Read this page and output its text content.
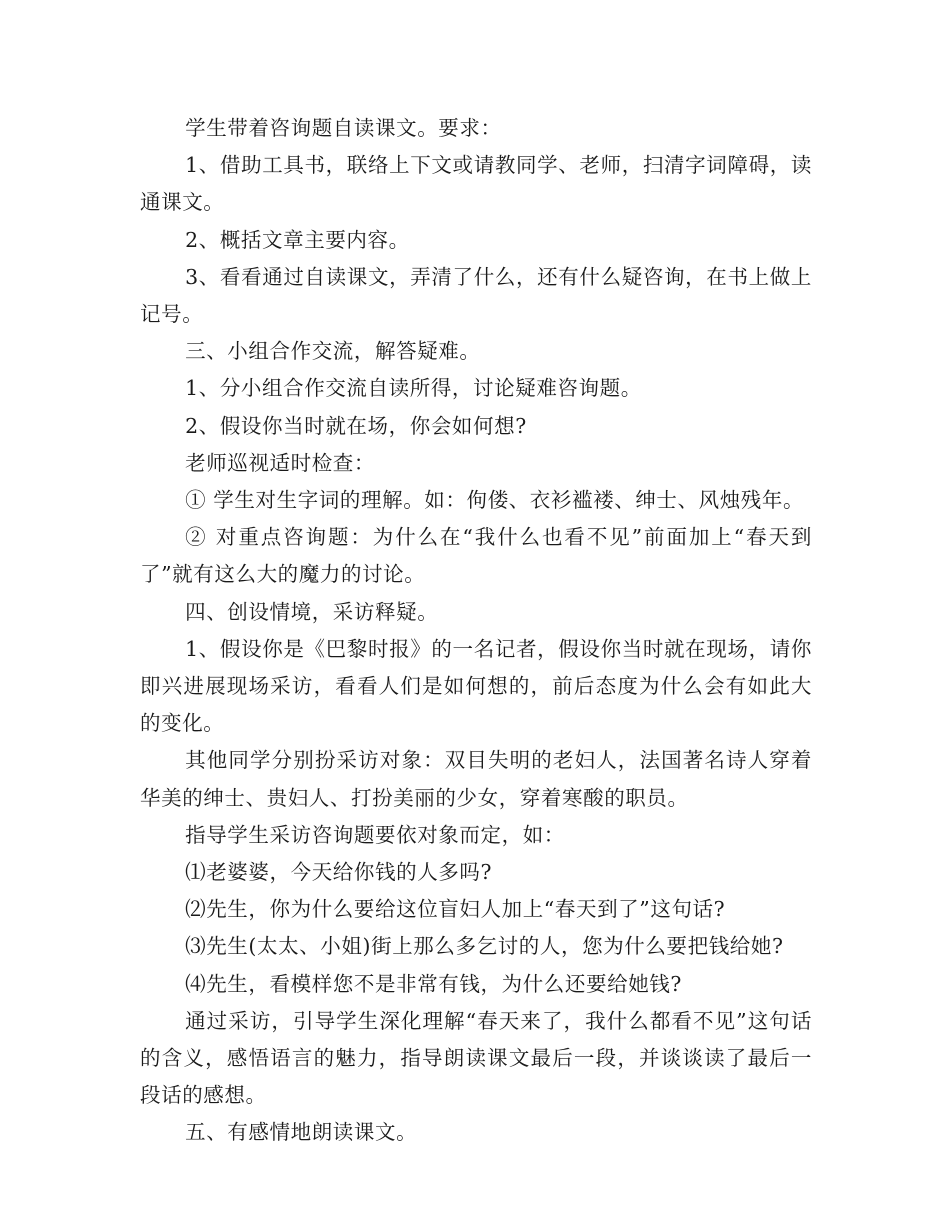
学生带着咨询题自读课文。要求：

1、借助工具书，联络上下文或请教同学、老师，扫清字词障碍，读通课文。

2、概括文章主要内容。

3、看看通过自读课文，弄清了什么，还有什么疑咨询，在书上做上记号。

三、小组合作交流，解答疑难。

1、分小组合作交流自读所得，讨论疑难咨询题。

2、假设你当时就在场，你会如何想?

老师巡视适时检查：

① 学生对生字词的理解。如：佝偻、衣衫褴褛、绅士、风烛残年。

② 对重点咨询题：为什么在“我什么也看不见”前面加上“春天到了”就有这么大的魔力的讨论。

四、创设情境，采访释疑。

1、假设你是《巴黎时报》的一名记者，假设你当时就在现场，请你即兴进展现场采访，看看人们是如何想的，前后态度为什么会有如此大的变化。

其他同学分别扮采访对象：双目失明的老妇人，法国著名诗人穿着华美的绅士、贵妇人、打扮美丽的少女，穿着寒酸的职员。

指导学生采访咨询题要依对象而定，如：

⑴老婆婆，今天给你钱的人多吗?

⑵先生，你为什么要给这位盲妇人加上“春天到了”这句话?

⑶先生(太太、小姐)街上那么多乞讨的人，您为什么要把钱给她?

⑷先生，看模样您不是非常有钱，为什么还要给她钱?

通过采访，引导学生深化理解“春天来了，我什么都看不见”这句话的含义，感悟语言的魅力，指导朗读课文最后一段，并谈谈读了最后一段话的感想。

五、有感情地朗读课文。
